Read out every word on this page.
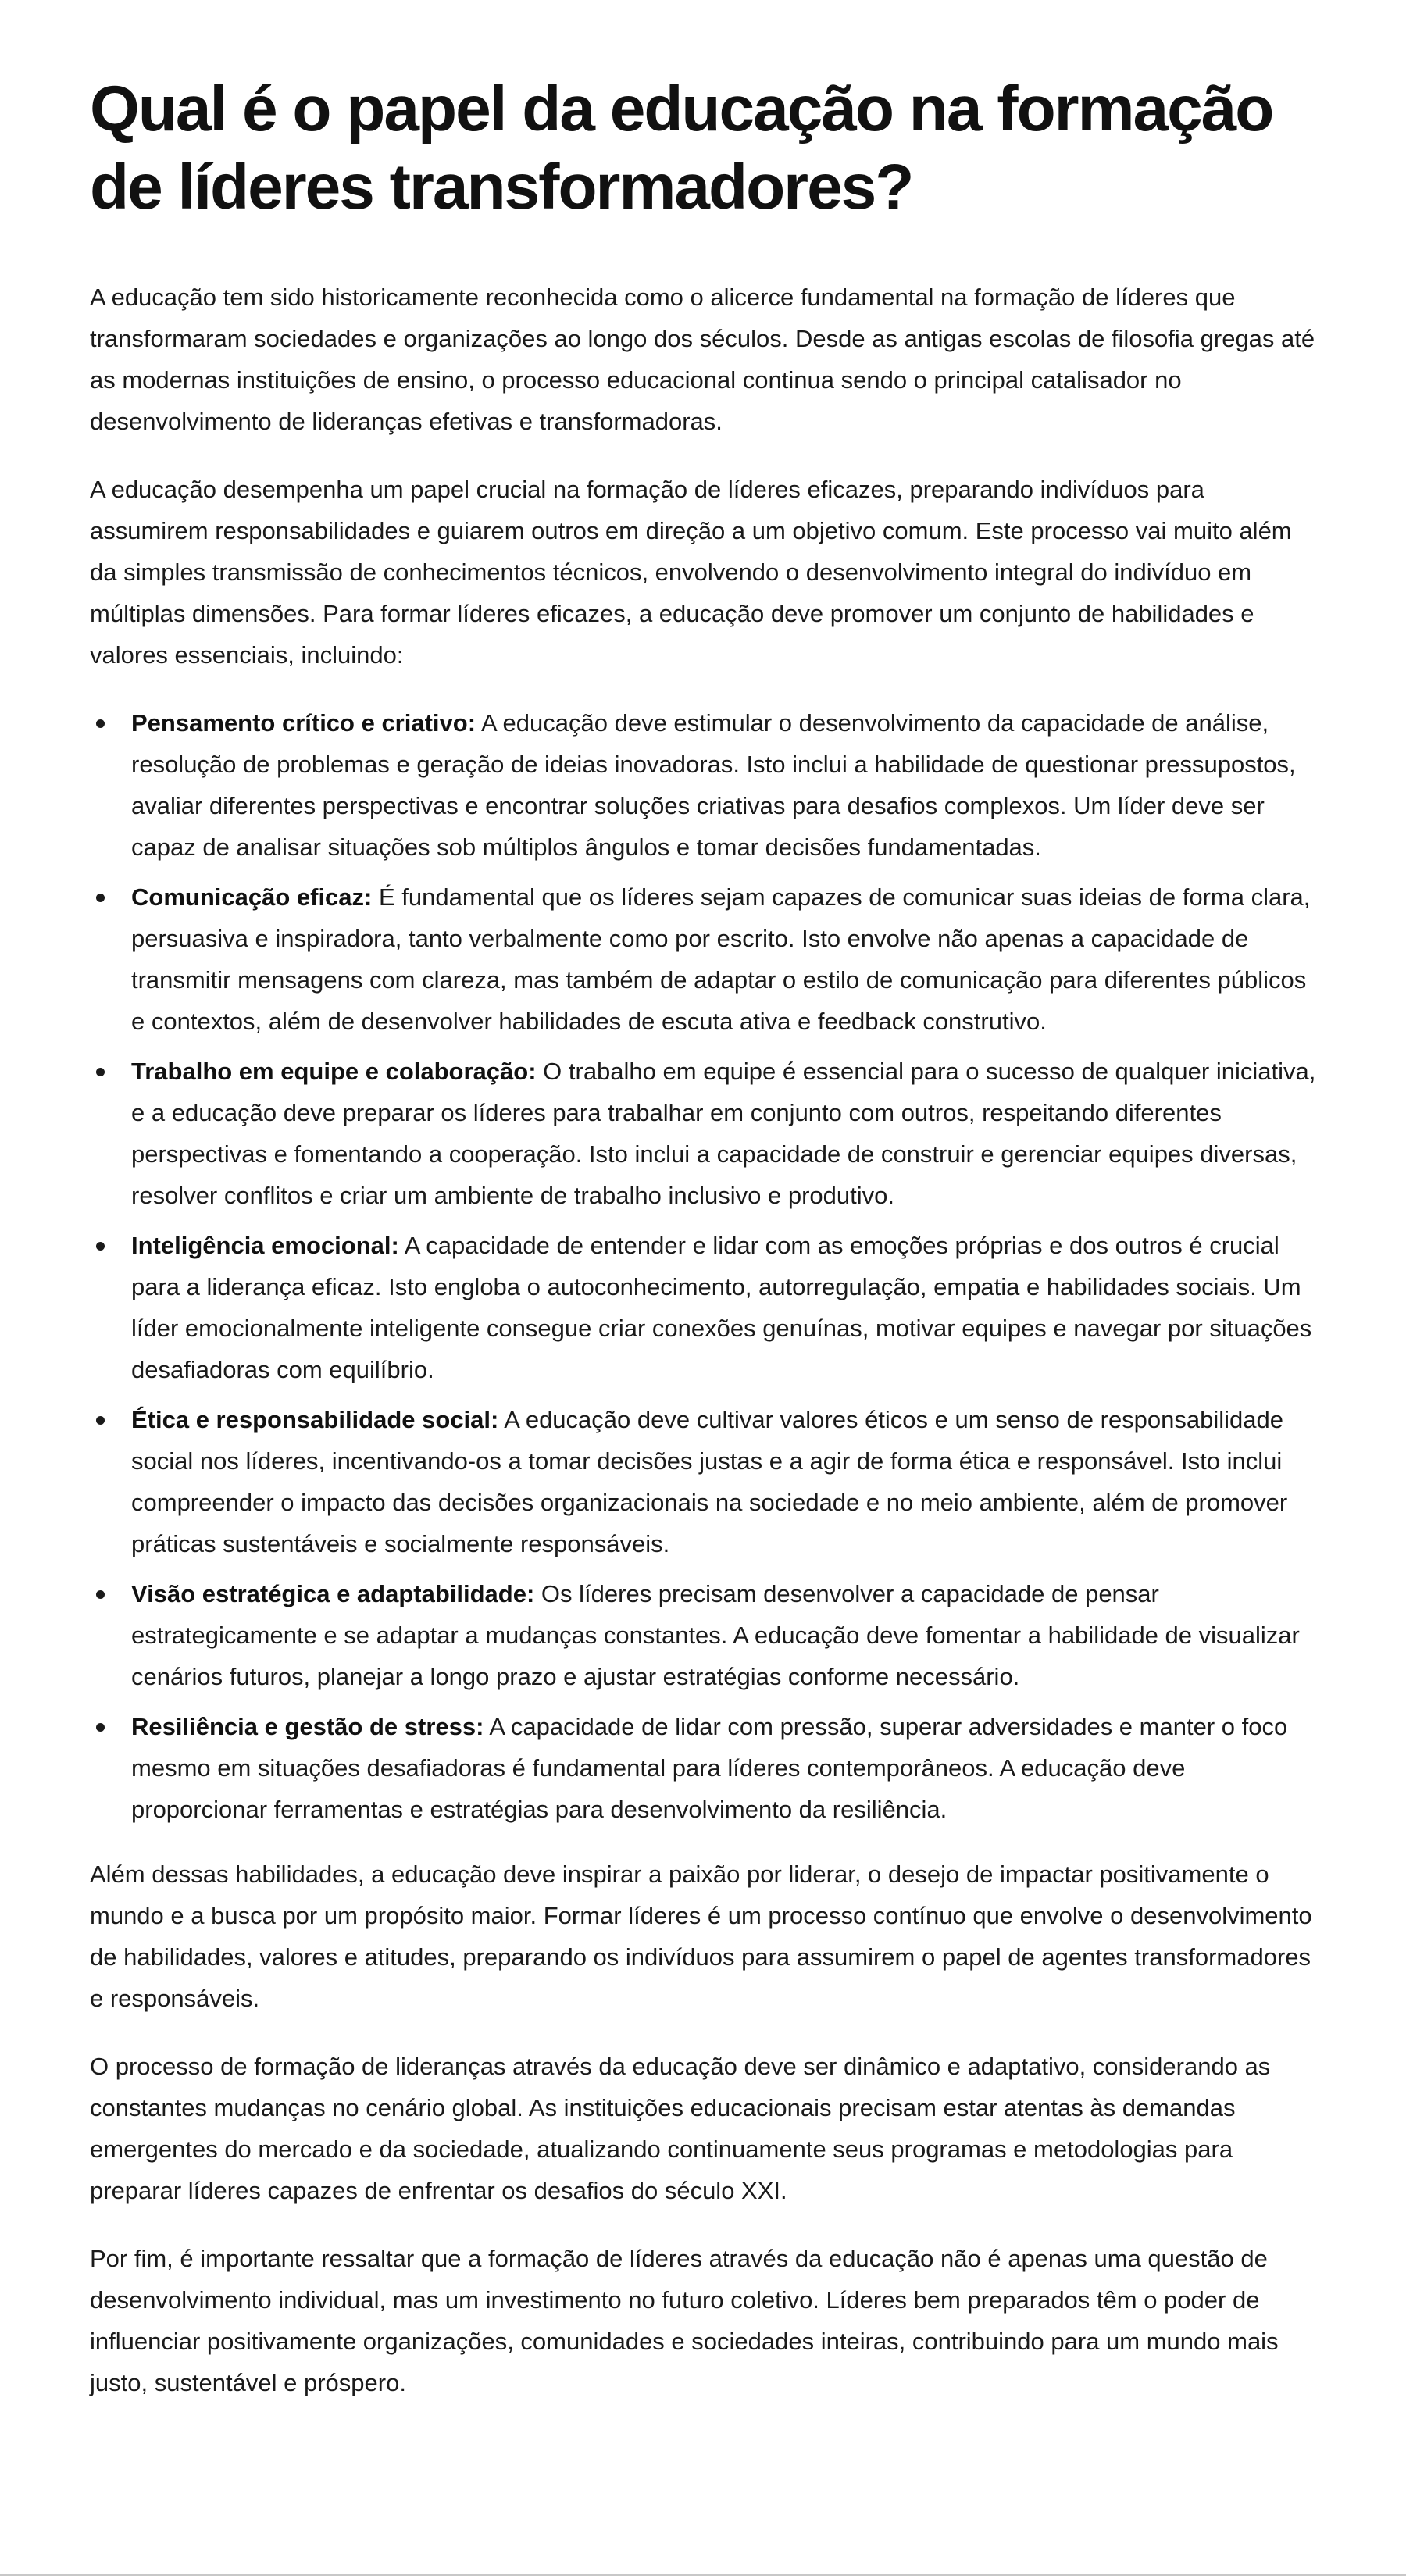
Qual é o papel da educação na formação de líderes transformadores?

A educação tem sido historicamente reconhecida como o alicerce fundamental na formação de líderes que transformaram sociedades e organizações ao longo dos séculos. Desde as antigas escolas de filosofia gregas até as modernas instituições de ensino, o processo educacional continua sendo o principal catalisador no desenvolvimento de lideranças efetivas e transformadoras.

A educação desempenha um papel crucial na formação de líderes eficazes, preparando indivíduos para assumirem responsabilidades e guiarem outros em direção a um objetivo comum. Este processo vai muito além da simples transmissão de conhecimentos técnicos, envolvendo o desenvolvimento integral do indivíduo em múltiplas dimensões. Para formar líderes eficazes, a educação deve promover um conjunto de habilidades e valores essenciais, incluindo:

Pensamento crítico e criativo: A educação deve estimular o desenvolvimento da capacidade de análise, resolução de problemas e geração de ideias inovadoras. Isto inclui a habilidade de questionar pressupostos, avaliar diferentes perspectivas e encontrar soluções criativas para desafios complexos. Um líder deve ser capaz de analisar situações sob múltiplos ângulos e tomar decisões fundamentadas.
Comunicação eficaz: É fundamental que os líderes sejam capazes de comunicar suas ideias de forma clara, persuasiva e inspiradora, tanto verbalmente como por escrito. Isto envolve não apenas a capacidade de transmitir mensagens com clareza, mas também de adaptar o estilo de comunicação para diferentes públicos e contextos, além de desenvolver habilidades de escuta ativa e feedback construtivo.
Trabalho em equipe e colaboração: O trabalho em equipe é essencial para o sucesso de qualquer iniciativa, e a educação deve preparar os líderes para trabalhar em conjunto com outros, respeitando diferentes perspectivas e fomentando a cooperação. Isto inclui a capacidade de construir e gerenciar equipes diversas, resolver conflitos e criar um ambiente de trabalho inclusivo e produtivo.
Inteligência emocional: A capacidade de entender e lidar com as emoções próprias e dos outros é crucial para a liderança eficaz. Isto engloba o autoconhecimento, autorregulação, empatia e habilidades sociais. Um líder emocionalmente inteligente consegue criar conexões genuínas, motivar equipes e navegar por situações desafiadoras com equilíbrio.
Ética e responsabilidade social: A educação deve cultivar valores éticos e um senso de responsabilidade social nos líderes, incentivando-os a tomar decisões justas e a agir de forma ética e responsável. Isto inclui compreender o impacto das decisões organizacionais na sociedade e no meio ambiente, além de promover práticas sustentáveis e socialmente responsáveis.
Visão estratégica e adaptabilidade: Os líderes precisam desenvolver a capacidade de pensar estrategicamente e se adaptar a mudanças constantes. A educação deve fomentar a habilidade de visualizar cenários futuros, planejar a longo prazo e ajustar estratégias conforme necessário.
Resiliência e gestão de stress: A capacidade de lidar com pressão, superar adversidades e manter o foco mesmo em situações desafiadoras é fundamental para líderes contemporâneos. A educação deve proporcionar ferramentas e estratégias para desenvolvimento da resiliência.

Além dessas habilidades, a educação deve inspirar a paixão por liderar, o desejo de impactar positivamente o mundo e a busca por um propósito maior. Formar líderes é um processo contínuo que envolve o desenvolvimento de habilidades, valores e atitudes, preparando os indivíduos para assumirem o papel de agentes transformadores e responsáveis.

O processo de formação de lideranças através da educação deve ser dinâmico e adaptativo, considerando as constantes mudanças no cenário global. As instituições educacionais precisam estar atentas às demandas emergentes do mercado e da sociedade, atualizando continuamente seus programas e metodologias para preparar líderes capazes de enfrentar os desafios do século XXI.

Por fim, é importante ressaltar que a formação de líderes através da educação não é apenas uma questão de desenvolvimento individual, mas um investimento no futuro coletivo. Líderes bem preparados têm o poder de influenciar positivamente organizações, comunidades e sociedades inteiras, contribuindo para um mundo mais justo, sustentável e próspero.
